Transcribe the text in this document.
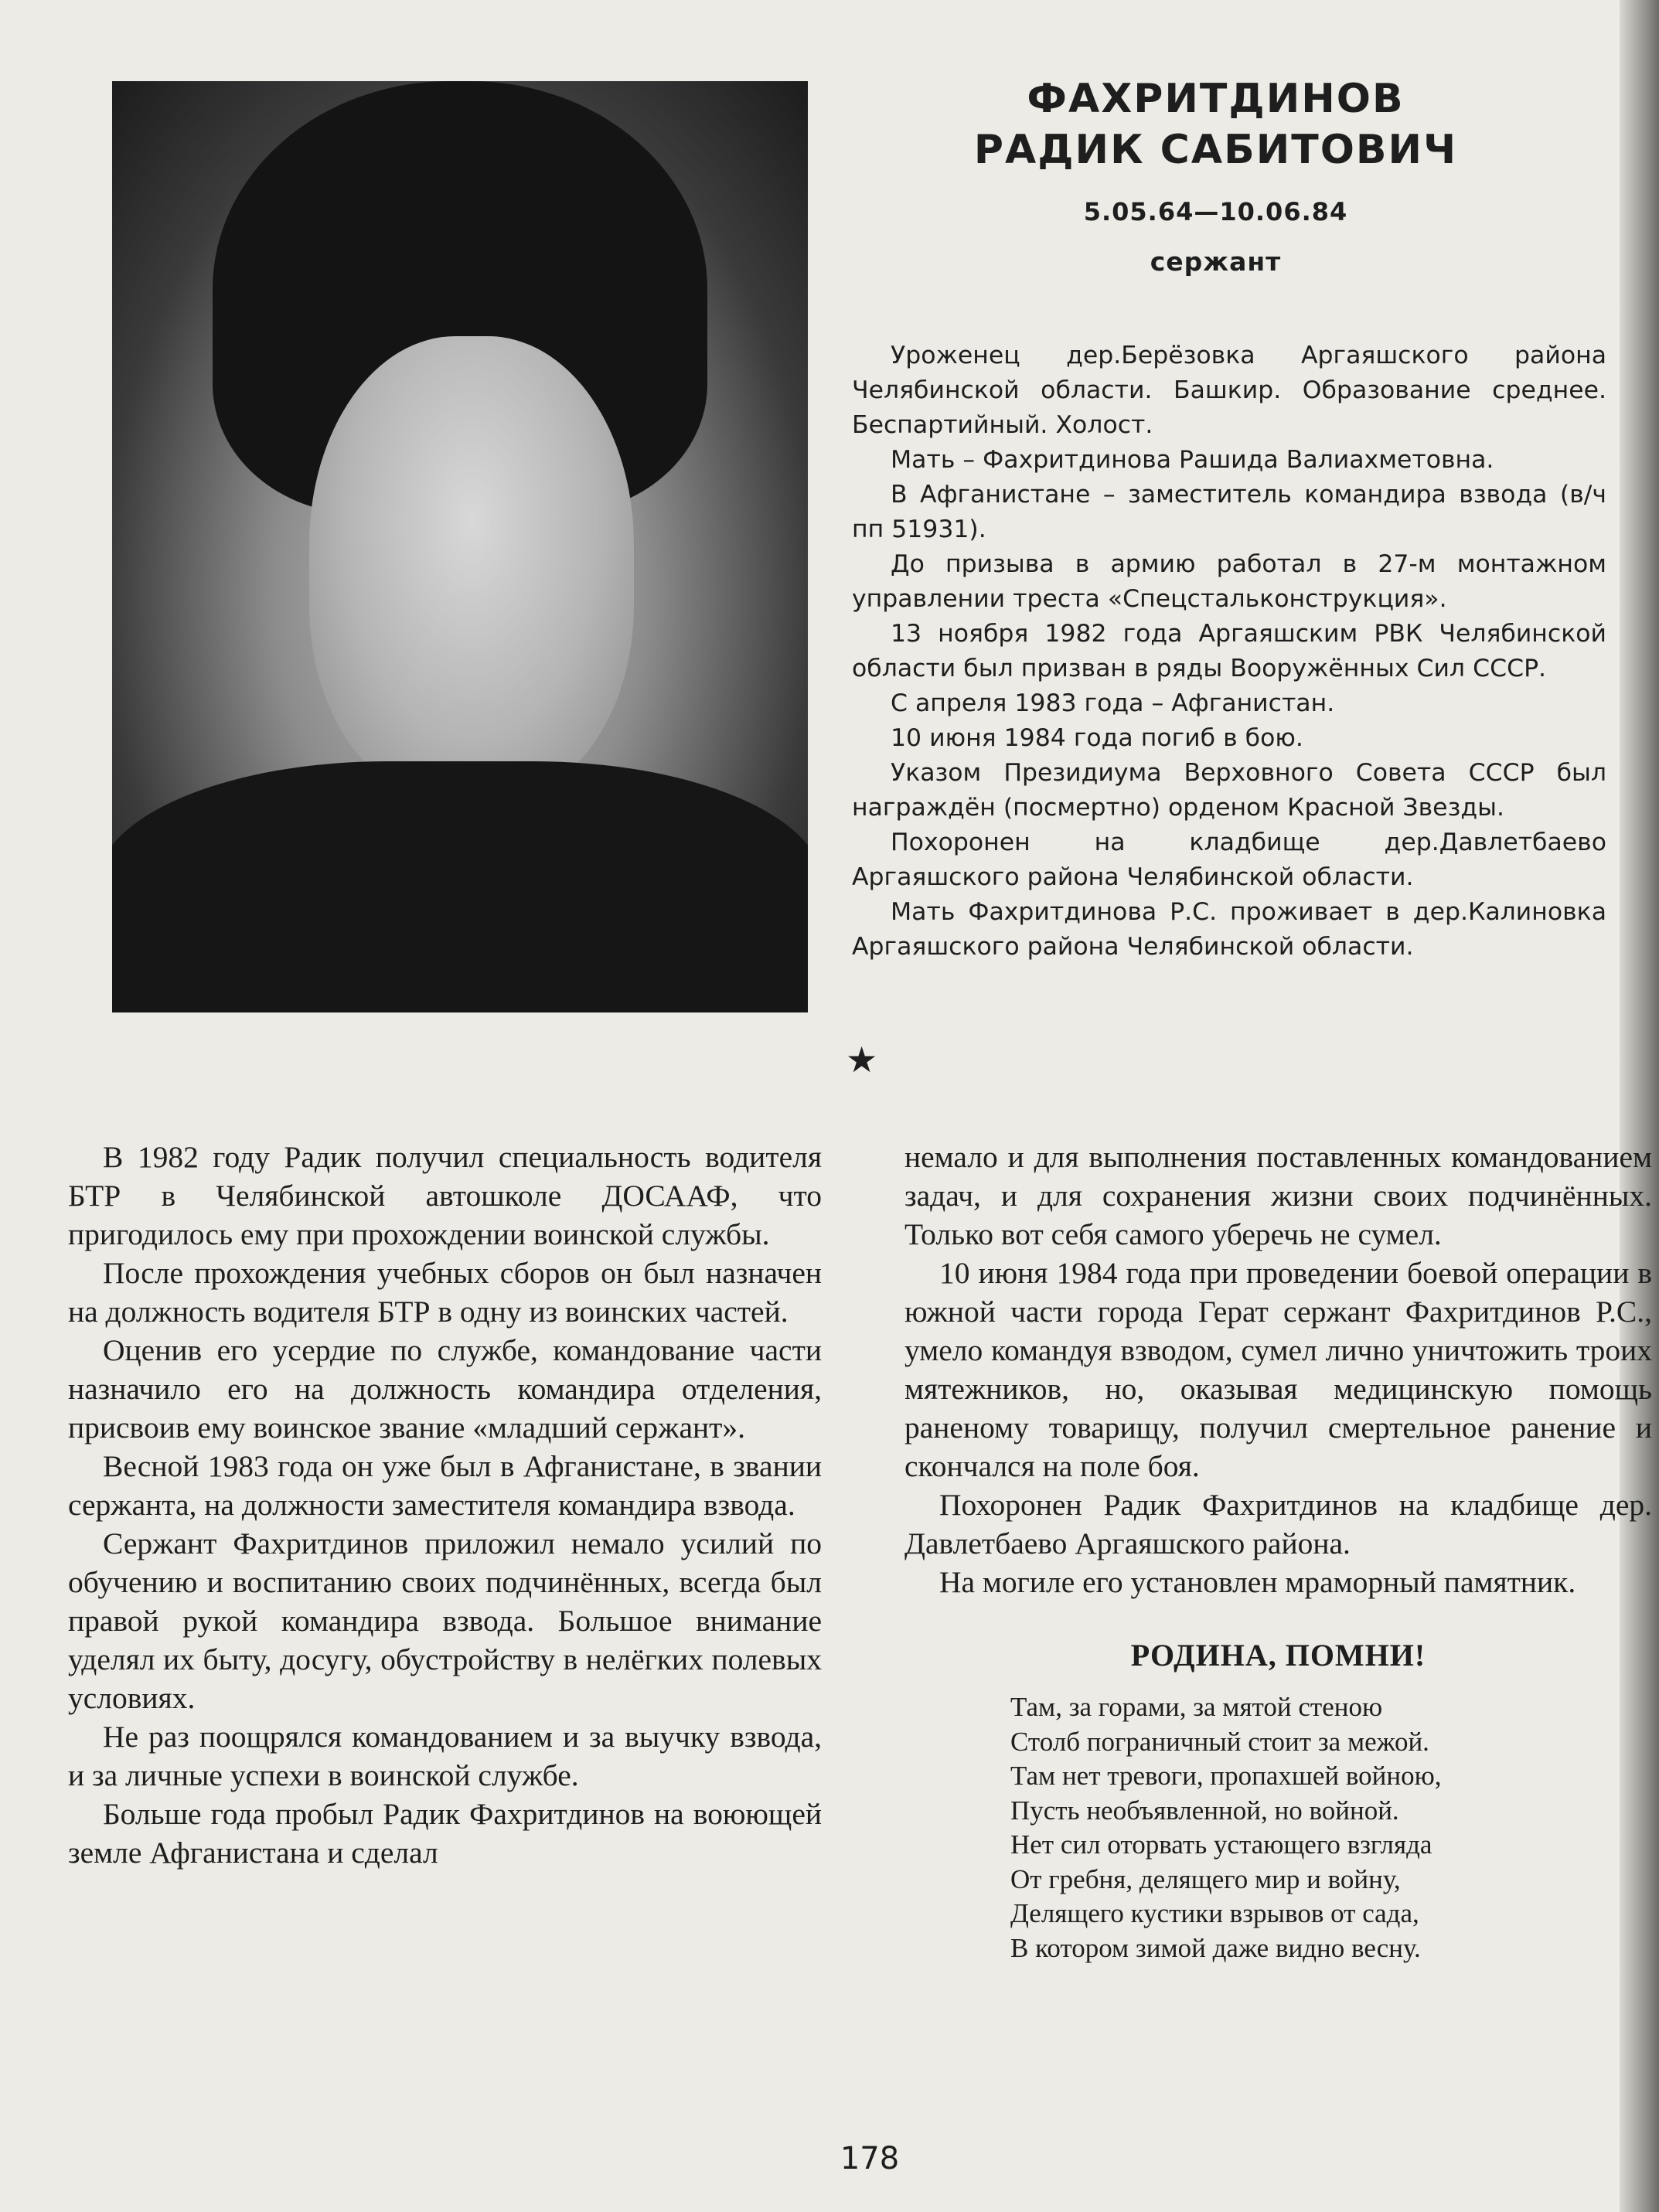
ФАХРИТДИНОВ
РАДИК САБИТОВИЧ
5.05.64—10.06.84
сержант

Уроженец дер.Берёзовка Аргаяшского района Челябинской области. Башкир. Образование среднее. Беспартийный. Холост.

Мать – Фахритдинова Рашида Валиахметовна.

В Афганистане – заместитель командира взвода (в/ч пп 51931).

До призыва в армию работал в 27-м монтажном управлении треста «Спецстальконструкция».

13 ноября 1982 года Аргаяшским РВК Челябинской области был призван в ряды Вооружённых Сил СССР.

С апреля 1983 года – Афганистан.

10 июня 1984 года погиб в бою.

Указом Президиума Верховного Совета СССР был награждён (посмертно) орденом Красной Звезды.

Похоронен на кладбище дер.Давлетбаево Аргаяшского района Челябинской области.

Мать Фахритдинова Р.С. проживает в дер.Калиновка Аргаяшского района Челябинской области.

★

В 1982 году Радик получил специальность водителя БТР в Челябинской автошколе ДОСААФ, что пригодилось ему при прохождении воинской службы.

После прохождения учебных сборов он был назначен на должность водителя БТР в одну из воинских частей.

Оценив его усердие по службе, командование части назначило его на должность командира отделения, присвоив ему воинское звание «младший сержант».

Весной 1983 года он уже был в Афганистане, в звании сержанта, на должности заместителя командира взвода.

Сержант Фахритдинов приложил немало усилий по обучению и воспитанию своих подчинённых, всегда был правой рукой командира взвода. Большое внимание уделял их быту, досугу, обустройству в нелёгких полевых условиях.

Не раз поощрялся командованием и за выучку взвода, и за личные успехи в воинской службе.

Больше года пробыл Радик Фахритдинов на воюющей земле Афганистана и сделал

немало и для выполнения поставленных командованием задач, и для сохранения жизни своих подчинённых. Только вот себя самого уберечь не сумел.

10 июня 1984 года при проведении боевой операции в южной части города Герат сержант Фахритдинов Р.С., умело командуя взводом, сумел лично уничтожить троих мятежников, но, оказывая медицинскую помощь раненому товарищу, получил смертельное ранение и скончался на поле боя.

Похоронен Радик Фахритдинов на кладбище дер. Давлетбаево Аргаяшского района.

На могиле его установлен мраморный памятник.

РОДИНА, ПОМНИ!
Там, за горами, за мятой стеною
Столб пограничный стоит за межой.
Там нет тревоги, пропахшей войною,
Пусть необъявленной, но войной.
Нет сил оторвать устающего взгляда
От гребня, делящего мир и войну,
Делящего кустики взрывов от сада,
В котором зимой даже видно весну.
178
